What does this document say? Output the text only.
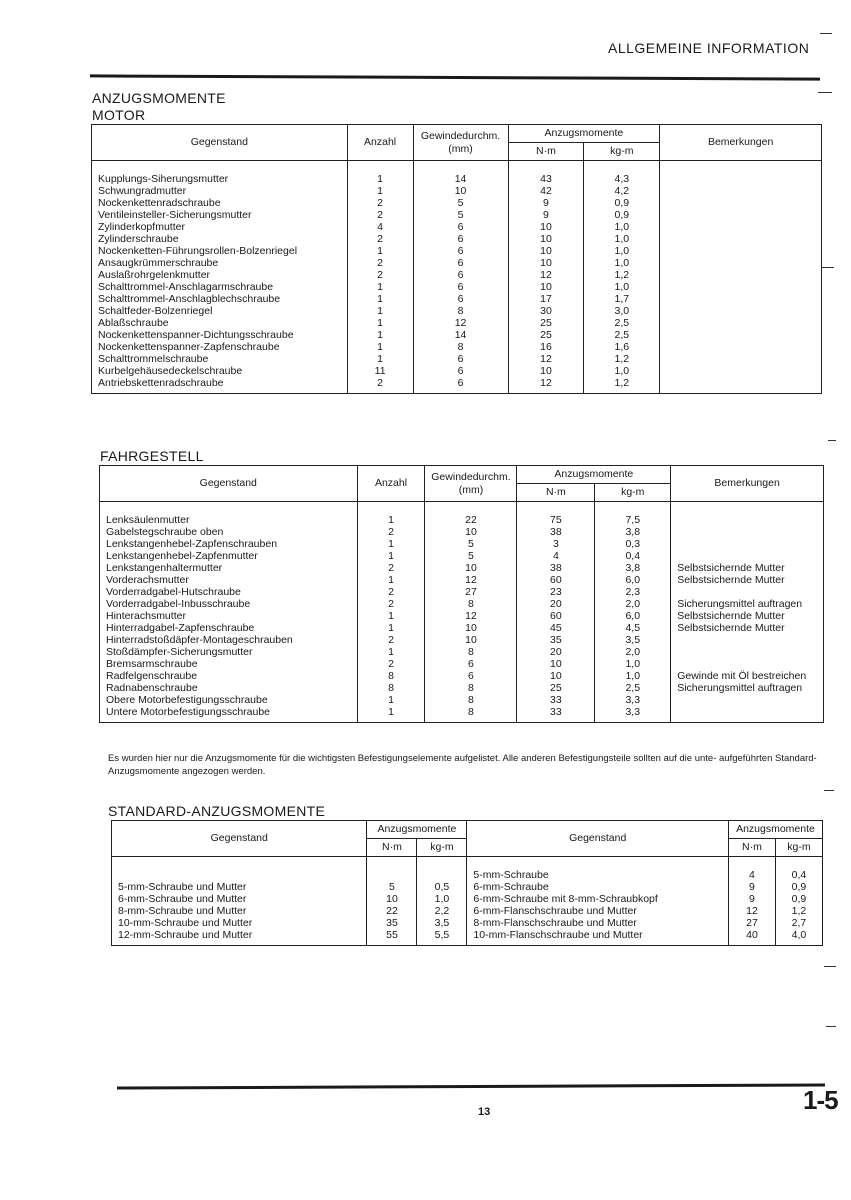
ALLGEMEINE INFORMATION
ANZUGSMOMENTE
MOTOR
Gegenstand	Anzahl	Gewindedurchm.
(mm)	Anzugsmomente		Bemerkungen
			N·m	kg-m	
Kupplungs-Siherungsmutter	1	14	43	4,3	
Schwungradmutter	1	10	42	4,2	
Nockenkettenradschraube	2	5	9	0,9	
Ventileinsteller-Sicherungsmutter	2	5	9	0,9	
Zylinderkopfmutter	4	6	10	1,0	
Zylinderschraube	2	6	10	1,0	
Nockenketten-Führungsrollen-Bolzenriegel	1	6	10	1,0	
Ansaugkrümmerschraube	2	6	10	1,0	
Auslaßrohrgelenkmutter	2	6	12	1,2	
Schalttrommel-Anschlagarmschraube	1	6	10	1,0	
Schalttrommel-Anschlagblechschraube	1	6	17	1,7	
Schaltfeder-Bolzenriegel	1	8	30	3,0	
Ablaßschraube	1	12	25	2,5	
Nockenkettenspanner-Dichtungsschraube	1	14	25	2,5	
Nockenkettenspanner-Zapfenschraube	1	8	16	1,6	
Schalttrommelschraube	1	6	12	1,2	
Kurbelgehäusedeckelschraube	11	6	10	1,0	
Antriebskettenradschraube	2	6	12	1,2	
FAHRGESTELL
Gegenstand	Anzahl	Gewindedurchm.
(mm)	Anzugsmomente		Bemerkungen
			N·m	kg-m	
Lenksäulenmutter	1	22	75	7,5	
Gabelstegschraube oben	2	10	38	3,8	
Lenkstangenhebel-Zapfenschrauben	1	5	3	0,3	
Lenkstangenhebel-Zapfenmutter	1	5	4	0,4	
Lenkstangenhaltermutter	2	10	38	3,8	Selbstsichernde Mutter
Vorderachsmutter	1	12	60	6,0	Selbstsichernde Mutter
Vorderradgabel-Hutschraube	2	27	23	2,3	
Vorderradgabel-Inbusschraube	2	8	20	2,0	Sicherungsmittel auftragen
Hinterachsmutter	1	12	60	6,0	Selbstsichernde Mutter
Hinterradgabel-Zapfenschraube	1	10	45	4,5	Selbstsichernde Mutter
Hinterradstoßdäpfer-Montageschrauben	2	10	35	3,5	
Stoßdämpfer-Sicherungsmutter	1	8	20	2,0	
Bremsarmschraube	2	6	10	1,0	
Radfelgenschraube	8	6	10	1,0	Gewinde mit Öl bestreichen
Radnabenschraube	8	8	25	2,5	Sicherungsmittel auftragen
Obere Motorbefestigungsschraube	1	8	33	3,3	
Untere Motorbefestigungsschraube	1	8	33	3,3	
Es wurden hier nur die Anzugsmomente für die wichtigsten Befestigungselemente aufgelistet. Alle anderen Befestigungsteile sollten auf die unte- aufgeführten Standard-Anzugsmomente angezogen werden.
STANDARD-ANZUGSMOMENTE
Gegenstand	Anzugsmomente		Gegenstand	Anzugsmomente	
	N·m	kg-m		N·m	kg-m
			5-mm-Schraube	4	0,4
5-mm-Schraube und Mutter	5	0,5	6-mm-Schraube	9	0,9
6-mm-Schraube und Mutter	10	1,0	6-mm-Schraube mit 8-mm-Schraubkopf	9	0,9
8-mm-Schraube und Mutter	22	2,2	6-mm-Flanschschraube und Mutter	12	1,2
10-mm-Schraube und Mutter	35	3,5	8-mm-Flanschschraube und Mutter	27	2,7
12-mm-Schraube und Mutter	55	5,5	10-mm-Flanschschraube und Mutter	40	4,0
13	1-5
